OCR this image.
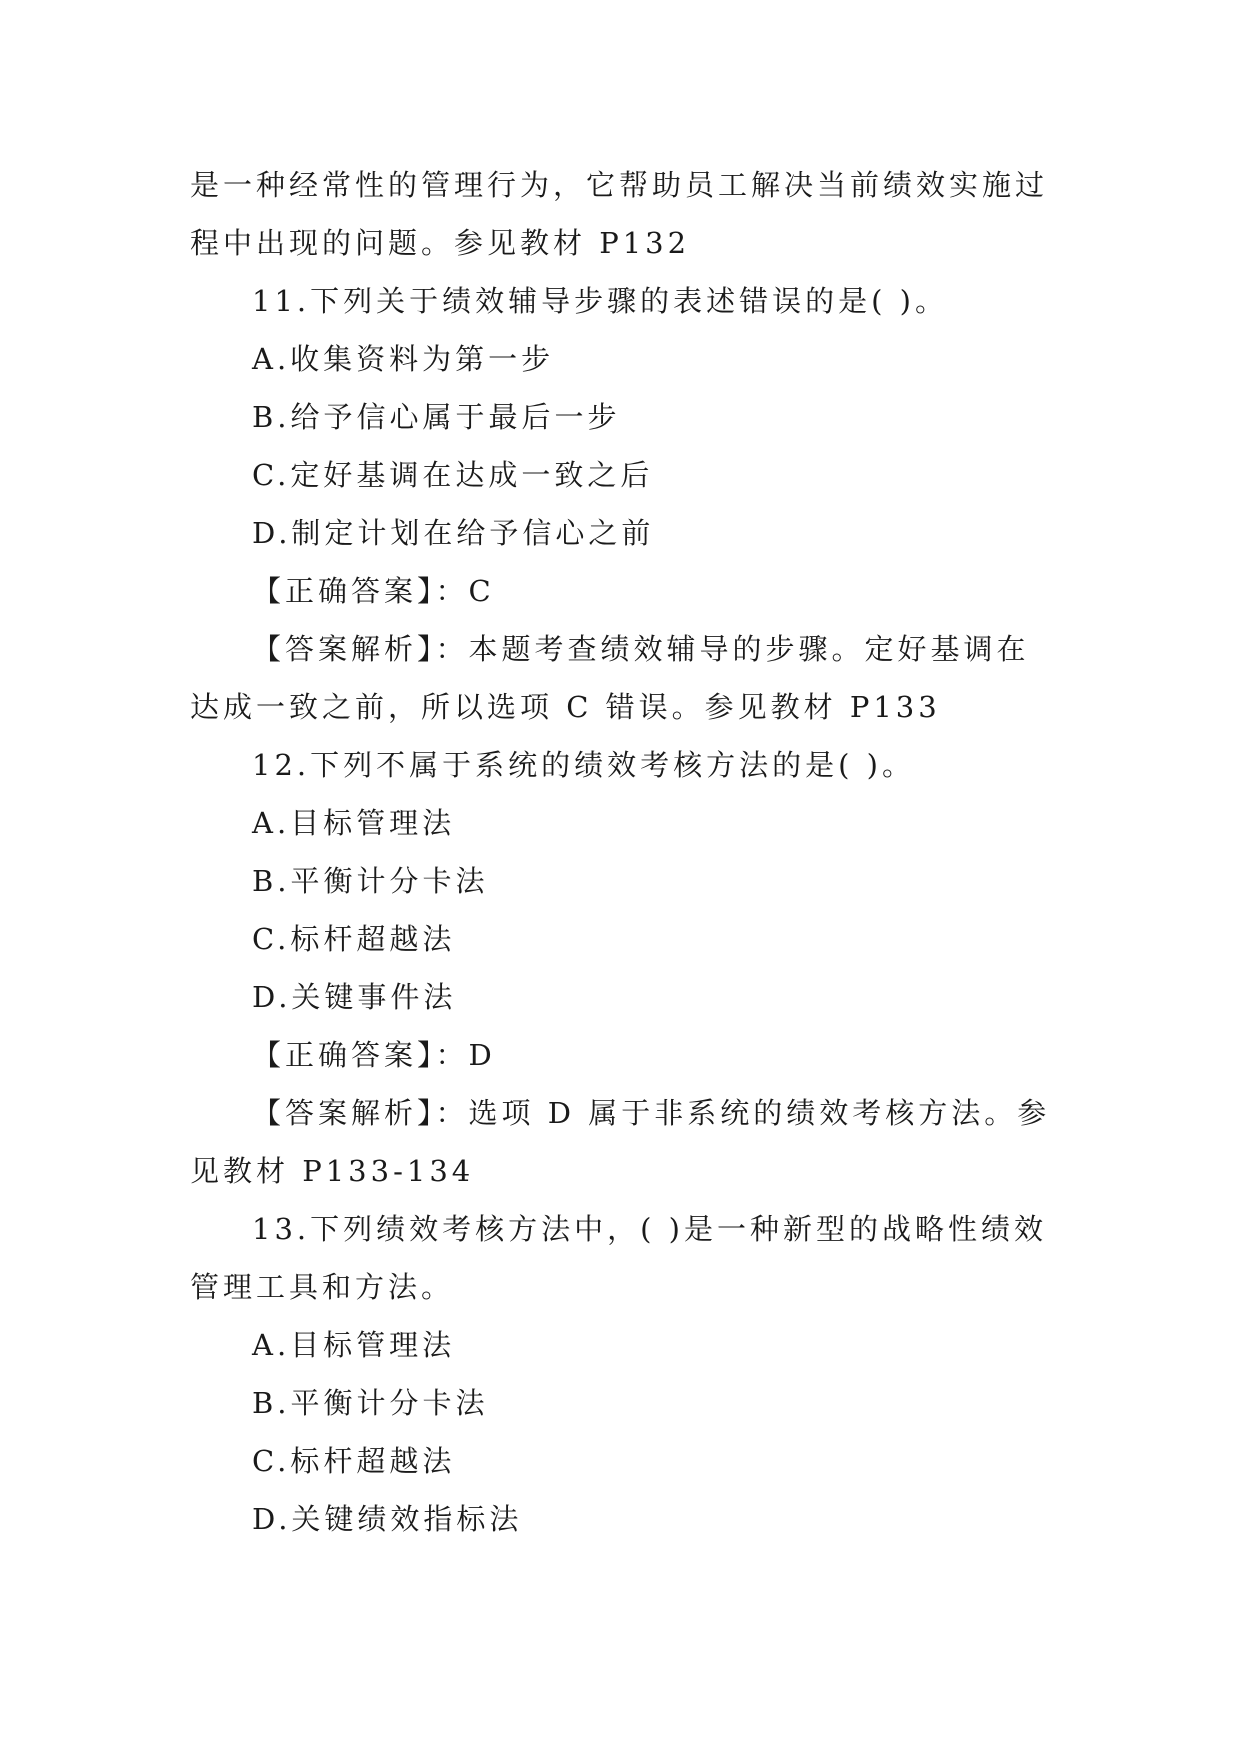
是一种经常性的管理行为，它帮助员工解决当前绩效实施过
程中出现的问题。参见教材 P132
11.下列关于绩效辅导步骤的表述错误的是( )。
A.收集资料为第一步
B.给予信心属于最后一步
C.定好基调在达成一致之后
D.制定计划在给予信心之前
【正确答案】：C
【答案解析】：本题考查绩效辅导的步骤。定好基调在
达成一致之前，所以选项 C 错误。参见教材 P133
12.下列不属于系统的绩效考核方法的是( )。
A.目标管理法
B.平衡计分卡法
C.标杆超越法
D.关键事件法
【正确答案】：D
【答案解析】：选项 D 属于非系统的绩效考核方法。参
见教材 P133-134
13.下列绩效考核方法中，( )是一种新型的战略性绩效
管理工具和方法。
A.目标管理法
B.平衡计分卡法
C.标杆超越法
D.关键绩效指标法
